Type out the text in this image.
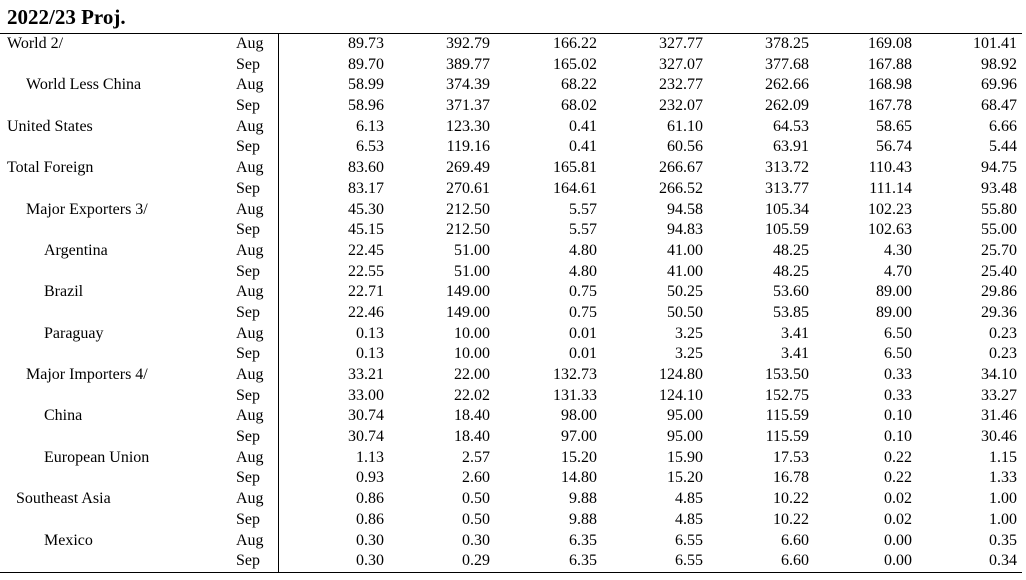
2022/23 Proj.
World 2/	Aug	89.73	392.79	166.22	327.77	378.25	169.08	101.41
Sep	89.70	389.77	165.02	327.07	377.68	167.88	98.92
World Less China	Aug	58.99	374.39	68.22	232.77	262.66	168.98	69.96
Sep	58.96	371.37	68.02	232.07	262.09	167.78	68.47
United States	Aug	6.13	123.30	0.41	61.10	64.53	58.65	6.66
Sep	6.53	119.16	0.41	60.56	63.91	56.74	5.44
Total Foreign	Aug	83.60	269.49	165.81	266.67	313.72	110.43	94.75
Sep	83.17	270.61	164.61	266.52	313.77	111.14	93.48
Major Exporters 3/	Aug	45.30	212.50	5.57	94.58	105.34	102.23	55.80
Sep	45.15	212.50	5.57	94.83	105.59	102.63	55.00
Argentina	Aug	22.45	51.00	4.80	41.00	48.25	4.30	25.70
Sep	22.55	51.00	4.80	41.00	48.25	4.70	25.40
Brazil	Aug	22.71	149.00	0.75	50.25	53.60	89.00	29.86
Sep	22.46	149.00	0.75	50.50	53.85	89.00	29.36
Paraguay	Aug	0.13	10.00	0.01	3.25	3.41	6.50	0.23
Sep	0.13	10.00	0.01	3.25	3.41	6.50	0.23
Major Importers 4/	Aug	33.21	22.00	132.73	124.80	153.50	0.33	34.10
Sep	33.00	22.02	131.33	124.10	152.75	0.33	33.27
China	Aug	30.74	18.40	98.00	95.00	115.59	0.10	31.46
Sep	30.74	18.40	97.00	95.00	115.59	0.10	30.46
European Union	Aug	1.13	2.57	15.20	15.90	17.53	0.22	1.15
Sep	0.93	2.60	14.80	15.20	16.78	0.22	1.33
Southeast Asia	Aug	0.86	0.50	9.88	4.85	10.22	0.02	1.00
Sep	0.86	0.50	9.88	4.85	10.22	0.02	1.00
Mexico	Aug	0.30	0.30	6.35	6.55	6.60	0.00	0.35
Sep	0.30	0.29	6.35	6.55	6.60	0.00	0.34
